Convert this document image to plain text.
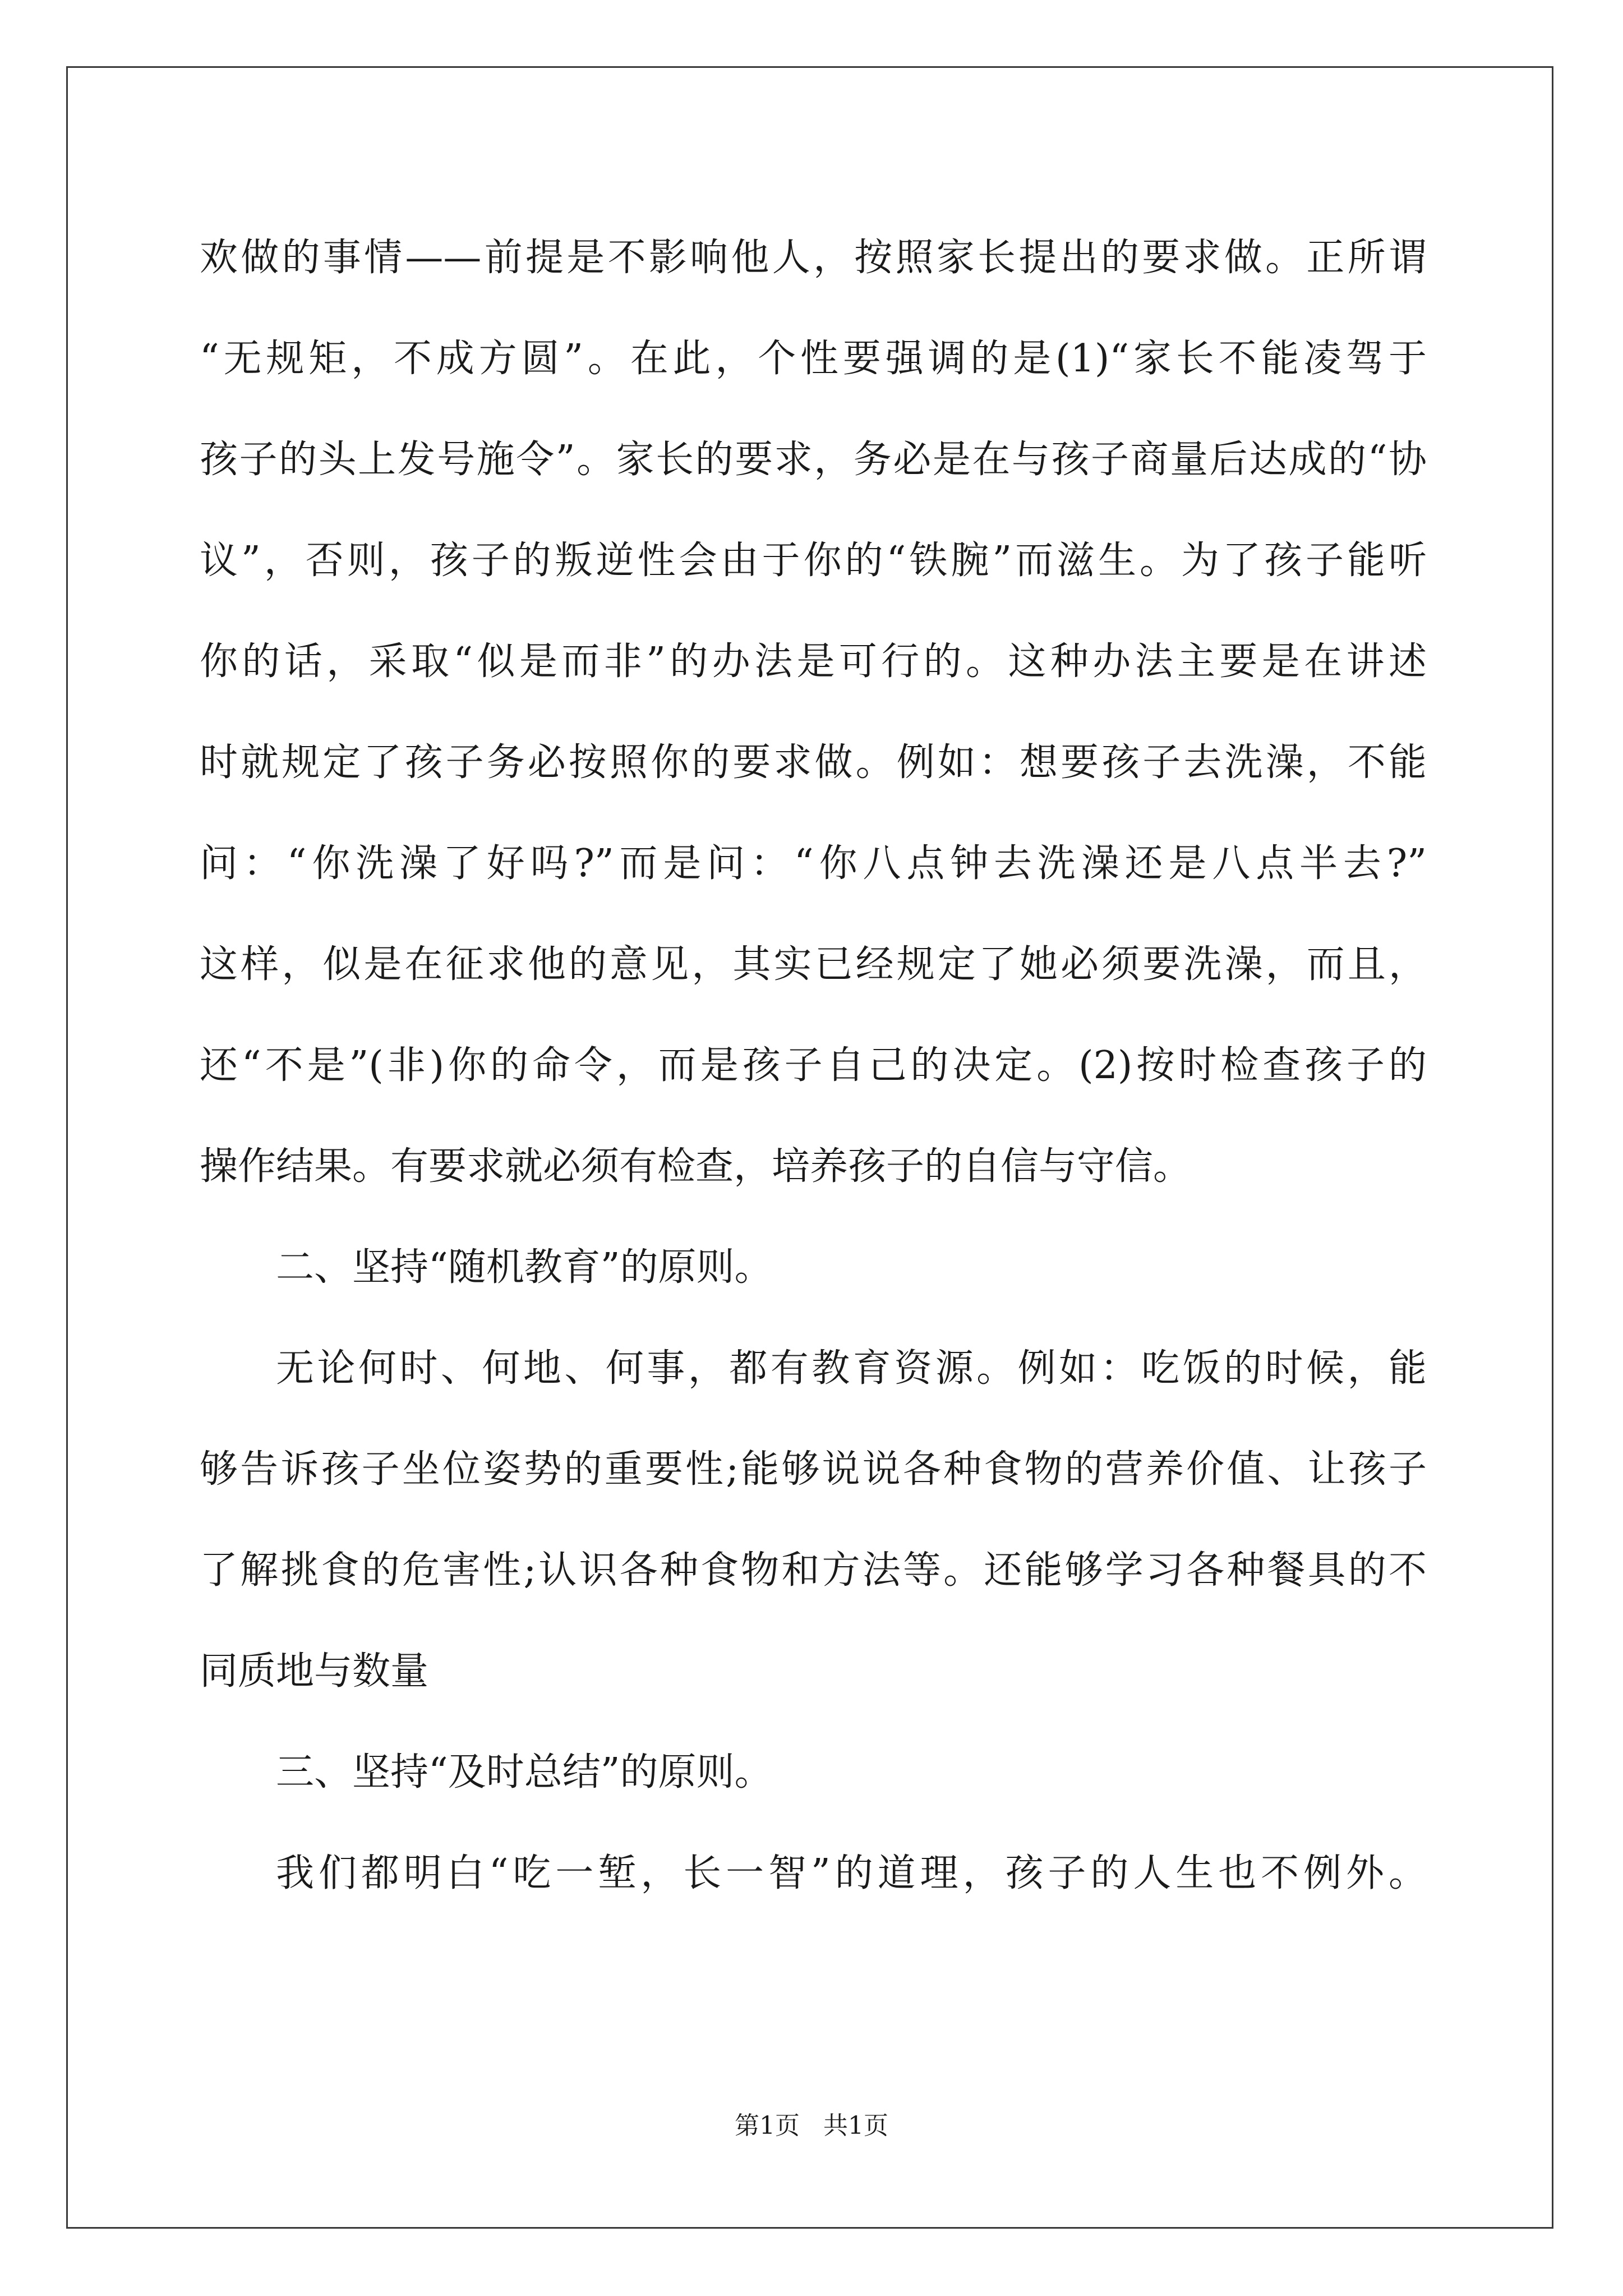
欢做的事情——前提是不影响他人，按照家长提出的要求做。正所谓
“无规矩，不成方圆”。在此，个性要强调的是(1)“家长不能凌驾于
孩子的头上发号施令”。家长的要求，务必是在与孩子商量后达成的“协
议”，否则，孩子的叛逆性会由于你的“铁腕”而滋生。为了孩子能听
你的话，采取“似是而非”的办法是可行的。这种办法主要是在讲述
时就规定了孩子务必按照你的要求做。例如：想要孩子去洗澡，不能
问：“你洗澡了好吗?”而是问：“你八点钟去洗澡还是八点半去?”
这样，似是在征求他的意见，其实已经规定了她必须要洗澡，而且，
还“不是”(非)你的命令，而是孩子自己的决定。(2)按时检查孩子的
操作结果。有要求就必须有检查，培养孩子的自信与守信。
二、坚持“随机教育”的原则。
无论何时、何地、何事，都有教育资源。例如：吃饭的时候，能
够告诉孩子坐位姿势的重要性;能够说说各种食物的营养价值、让孩子
了解挑食的危害性;认识各种食物和方法等。还能够学习各种餐具的不
同质地与数量
三、坚持“及时总结”的原则。
我们都明白“吃一堑，长一智”的道理，孩子的人生也不例外。
第1页 共1页
